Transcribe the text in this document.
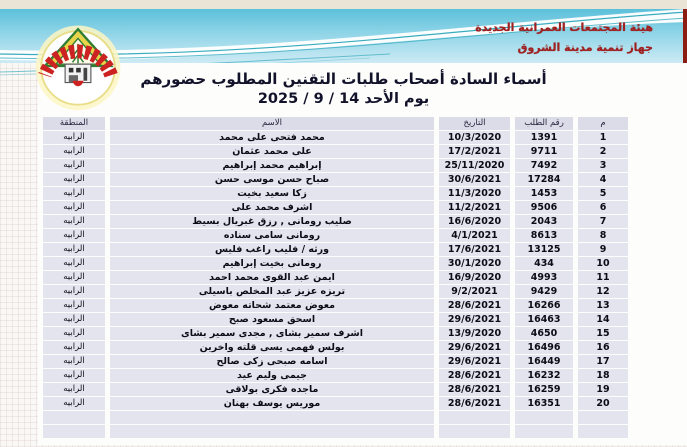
هيئة المجتمعات العمرانية الجديدة
جهاز تنمية مدينة الشروق
أسماء السادة أصحاب طلبات التقنين المطلوب حضورهم
يوم الأحد 14 / 9 / 2025
م
رقم الطلب
التاريخ
الاسم
المنطقة
1
1391
10/3/2020
محمد فتحى على محمد
الرابيه
2
9711
17/2/2021
على محمد عثمان
الرابيه
3
7492
25/11/2020
إبراهيم محمد إبراهيم
الرابيه
4
17284
30/6/2021
صباح حسن موسى حسن
الرابيه
5
1453
11/3/2020
زكا سعيد بخيت
الرابيه
6
9506
11/2/2021
اشرف محمد على
الرابيه
7
2043
16/6/2020
صليب رومانى , رزق غبريال بسيط
الرابيه
8
8613
4/1/2021
رومانى سامى سناده
الرابيه
9
13125
17/6/2021
ورثه / فليب راغب فليس
الرابيه
10
434
30/1/2020
رومانى بخيت إبراهيم
الرابيه
11
4993
16/9/2020
ايمن عبد القوى محمد احمد
الرابيه
12
9429
9/2/2021
تريزه عزيز عبد المخلص باسيلى
الرابيه
13
16266
28/6/2021
معوض معتمد شحاته معوض
الرابيه
14
16463
29/6/2021
اسحق مسعود صبح
الرابيه
15
4650
13/9/2020
اشرف سمير بشاى , مجدى سمير بشاى
الرابيه
16
16496
29/6/2021
بولس فهمى يسى قلته واخرين
الرابيه
17
16449
29/6/2021
اسامه صبحى زكى صالح
الرابيه
18
16232
28/6/2021
جيمى وليم عيد
الرابيه
19
16259
28/6/2021
ماجده فكرى بولاقى
الرابيه
20
16351
28/6/2021
موريس يوسف بهنان
الرابيه
